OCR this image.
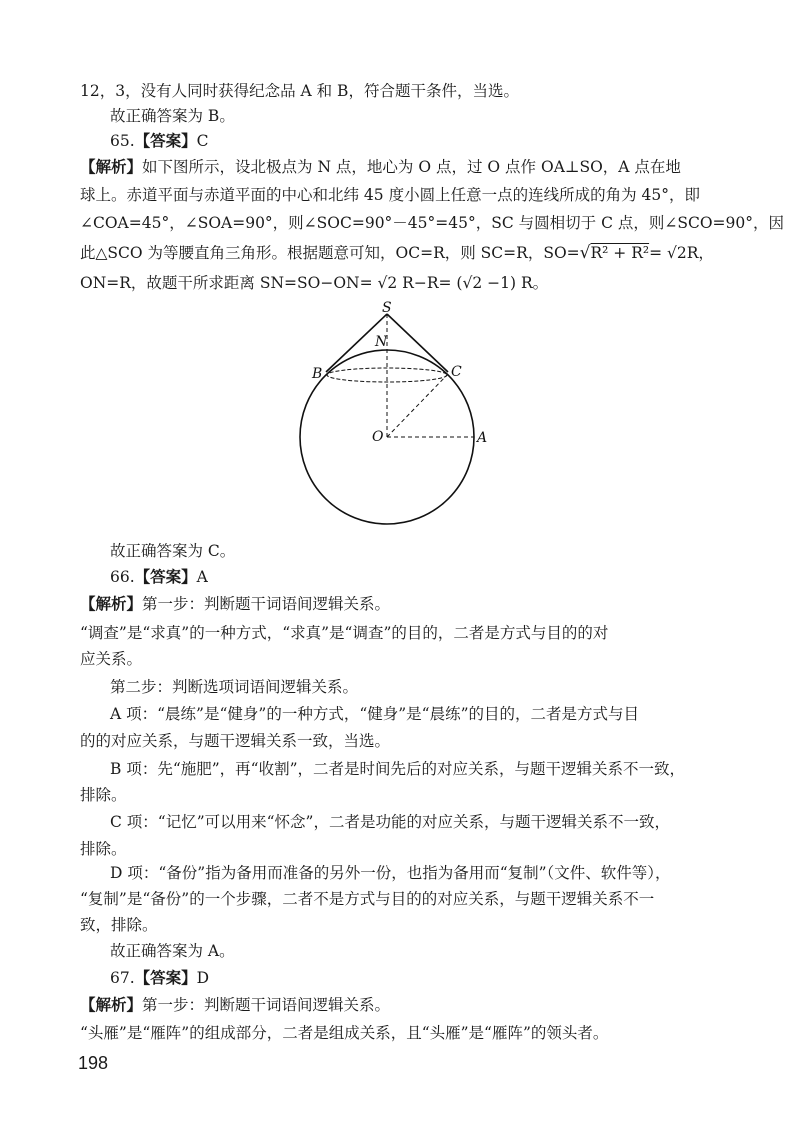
12，3，没有人同时获得纪念品 A 和 B，符合题干条件，当选。
故正确答案为 B。
65.【答案】C
【解析】如下图所示，设北极点为 N 点，地心为 O 点，过 O 点作 OA⊥SO，A 点在地
球上。赤道平面与赤道平面的中心和北纬 45 度小圆上任意一点的连线所成的角为 45°，即
∠COA=45°，∠SOA=90°，则∠SOC=90°－45°=45°，SC 与圆相切于 C 点，则∠SCO=90°，因
此△SCO 为等腰直角三角形。根据题意可知，OC=R，则 SC=R，SO=√R² + R²= √2R，
ON=R，故题干所求距离 SN=SO−ON= √2 R−R= (√2 −1) R。
S
N
B	C
O	A
故正确答案为 C。
66.【答案】A
【解析】第一步：判断题干词语间逻辑关系。
“调查”是“求真”的一种方式，“求真”是“调查”的目的，二者是方式与目的的对
应关系。
第二步：判断选项词语间逻辑关系。
A 项：“晨练”是“健身”的一种方式，“健身”是“晨练”的目的，二者是方式与目
的的对应关系，与题干逻辑关系一致，当选。
B 项：先“施肥”，再“收割”，二者是时间先后的对应关系，与题干逻辑关系不一致，
排除。
C 项：“记忆”可以用来“怀念”，二者是功能的对应关系，与题干逻辑关系不一致，
排除。
D 项：“备份”指为备用而准备的另外一份，也指为备用而“复制”（文件、软件等），
“复制”是“备份”的一个步骤，二者不是方式与目的的对应关系，与题干逻辑关系不一
致，排除。
故正确答案为 A。
67.【答案】D
【解析】第一步：判断题干词语间逻辑关系。
“头雁”是“雁阵”的组成部分，二者是组成关系，且“头雁”是“雁阵”的领头者。
198
